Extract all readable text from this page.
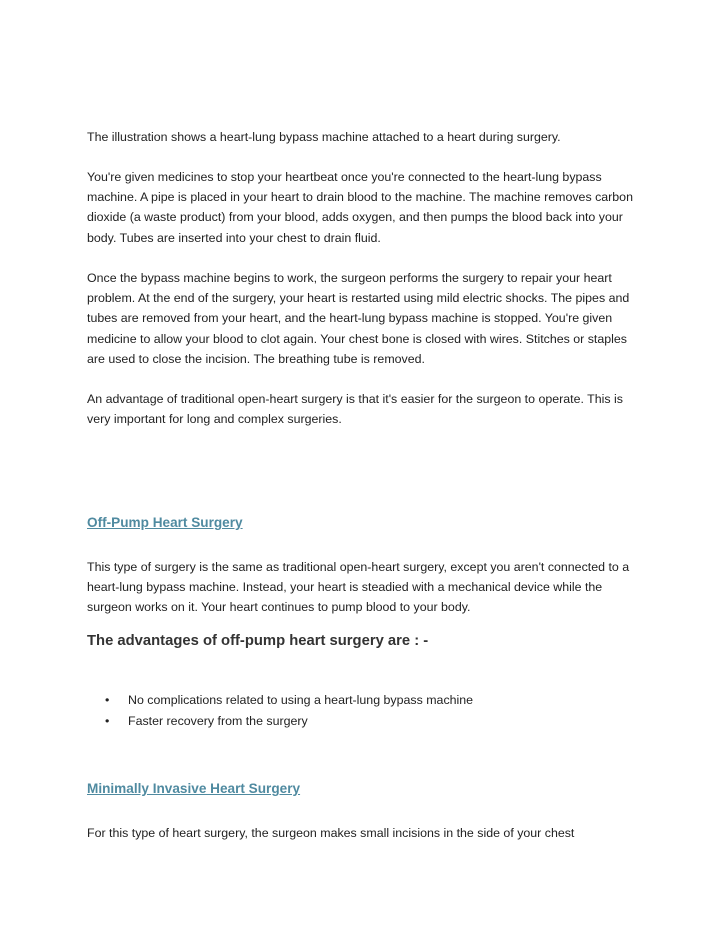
The illustration shows a heart-lung bypass machine attached to a heart during surgery.

You're given medicines to stop your heartbeat once you're connected to the heart-lung bypass machine. A pipe is placed in your heart to drain blood to the machine. The machine removes carbon dioxide (a waste product) from your blood, adds oxygen, and then pumps the blood back into your body. Tubes are inserted into your chest to drain fluid.

Once the bypass machine begins to work, the surgeon performs the surgery to repair your heart problem. At the end of the surgery, your heart is restarted using mild electric shocks. The pipes and tubes are removed from your heart, and the heart-lung bypass machine is stopped. You're given medicine to allow your blood to clot again. Your chest bone is closed with wires. Stitches or staples are used to close the incision. The breathing tube is removed.

An advantage of traditional open-heart surgery is that it's easier for the surgeon to operate. This is very important for long and complex surgeries.

Off-Pump Heart Surgery

This type of surgery is the same as traditional open-heart surgery, except you aren't connected to a heart-lung bypass machine. Instead, your heart is steadied with a mechanical device while the surgeon works on it. Your heart continues to pump blood to your body.

The advantages of off-pump heart surgery are : -
• No complications related to using a heart-lung bypass machine
• Faster recovery from the surgery
Minimally Invasive Heart Surgery

For this type of heart surgery, the surgeon makes small incisions in the side of your chest
